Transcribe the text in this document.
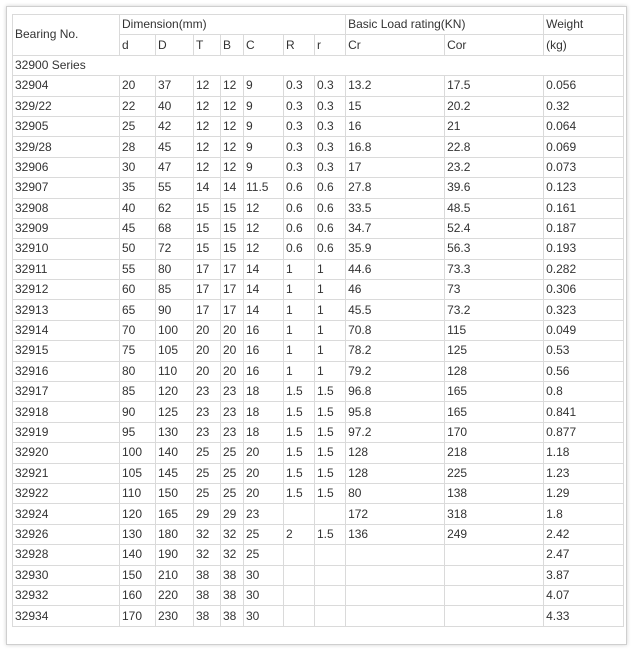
Bearing No.	Dimension(mm)							Basic Load rating(KN)		Weight
	d	D	T	B	C	R	r	Cr	Cor	(kg)
32900 Series										
32904	20	37	12	12	9	0.3	0.3	13.2	17.5	0.056
329/22	22	40	12	12	9	0.3	0.3	15	20.2	0.32
32905	25	42	12	12	9	0.3	0.3	16	21	0.064
329/28	28	45	12	12	9	0.3	0.3	16.8	22.8	0.069
32906	30	47	12	12	9	0.3	0.3	17	23.2	0.073
32907	35	55	14	14	11.5	0.6	0.6	27.8	39.6	0.123
32908	40	62	15	15	12	0.6	0.6	33.5	48.5	0.161
32909	45	68	15	15	12	0.6	0.6	34.7	52.4	0.187
32910	50	72	15	15	12	0.6	0.6	35.9	56.3	0.193
32911	55	80	17	17	14	1	1	44.6	73.3	0.282
32912	60	85	17	17	14	1	1	46	73	0.306
32913	65	90	17	17	14	1	1	45.5	73.2	0.323
32914	70	100	20	20	16	1	1	70.8	115	0.049
32915	75	105	20	20	16	1	1	78.2	125	0.53
32916	80	110	20	20	16	1	1	79.2	128	0.56
32917	85	120	23	23	18	1.5	1.5	96.8	165	0.8
32918	90	125	23	23	18	1.5	1.5	95.8	165	0.841
32919	95	130	23	23	18	1.5	1.5	97.2	170	0.877
32920	100	140	25	25	20	1.5	1.5	128	218	1.18
32921	105	145	25	25	20	1.5	1.5	128	225	1.23
32922	110	150	25	25	20	1.5	1.5	80	138	1.29
32924	120	165	29	29	23			172	318	1.8
32926	130	180	32	32	25	2	1.5	136	249	2.42
32928	140	190	32	32	25					2.47
32930	150	210	38	38	30					3.87
32932	160	220	38	38	30					4.07
32934	170	230	38	38	30					4.33
